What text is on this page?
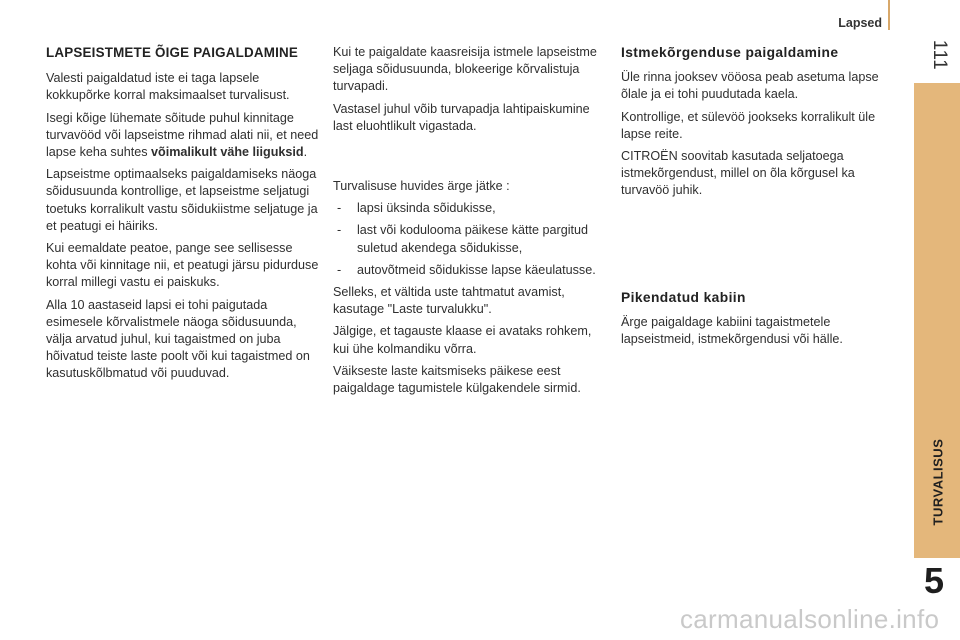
Lapsed
111
TURVALISUS
5
LAPSEISTMETE ÕIGE PAIGALDAMINE

Valesti paigaldatud iste ei taga lapsele kokkupõrke korral maksimaalset turvalisust.

Isegi kõige lühemate sõitude puhul kinnitage turvavööd või lapseistme rihmad alati nii, et need lapse keha suhtes võimalikult vähe liiguksid.

Lapseistme optimaalseks paigaldamiseks näoga sõidusuunda kontrollige, et lapseistme seljatugi toetuks korralikult vastu sõidukiistme seljatuge ja et peatugi ei häiriks.

Kui eemaldate peatoe, pange see sellisesse kohta või kinnitage nii, et peatugi järsu pidurduse korral millegi vastu ei paiskuks.

Alla 10 aastaseid lapsi ei tohi paigutada esimesele kõrvalistmele näoga sõidusuunda, välja arvatud juhul, kui tagaistmed on juba hõivatud teiste laste poolt või kui tagaistmed on kasutuskõlbmatud või puuduvad.

Kui te paigaldate kaasreisija istmele lapseistme seljaga sõidusuunda, blokeerige kõrvalistuja turvapadi.

Vastasel juhul võib turvapadja lahtipaiskumine last eluohtlikult vigastada.

Turvalisuse huvides ärge jätke :

- lapsi üksinda sõidukisse,
- last või kodulooma päikese kätte pargitud suletud akendega sõidukisse,
- autovõtmeid sõidukisse lapse käeulatusse.

Selleks, et vältida uste tahtmatut avamist, kasutage "Laste turvalukku".

Jälgige, et tagauste klaase ei avataks rohkem, kui ühe kolmandiku võrra.

Väikseste laste kaitsmiseks päikese eest paigaldage tagumistele külgakendele sirmid.

Istmekõrgenduse paigaldamine

Üle rinna jooksev vööosa peab asetuma lapse õlale ja ei tohi puudutada kaela.

Kontrollige, et sülevöö jookseks korralikult üle lapse reite.

CITROËN soovitab kasutada seljatoega istmekõrgendust, millel on õla kõrgusel ka turvavöö juhik.

Pikendatud kabiin

Ärge paigaldage kabiini tagaistmetele lapseistmeid, istmekõrgendusi või hälle.

carmanualsonline.info
